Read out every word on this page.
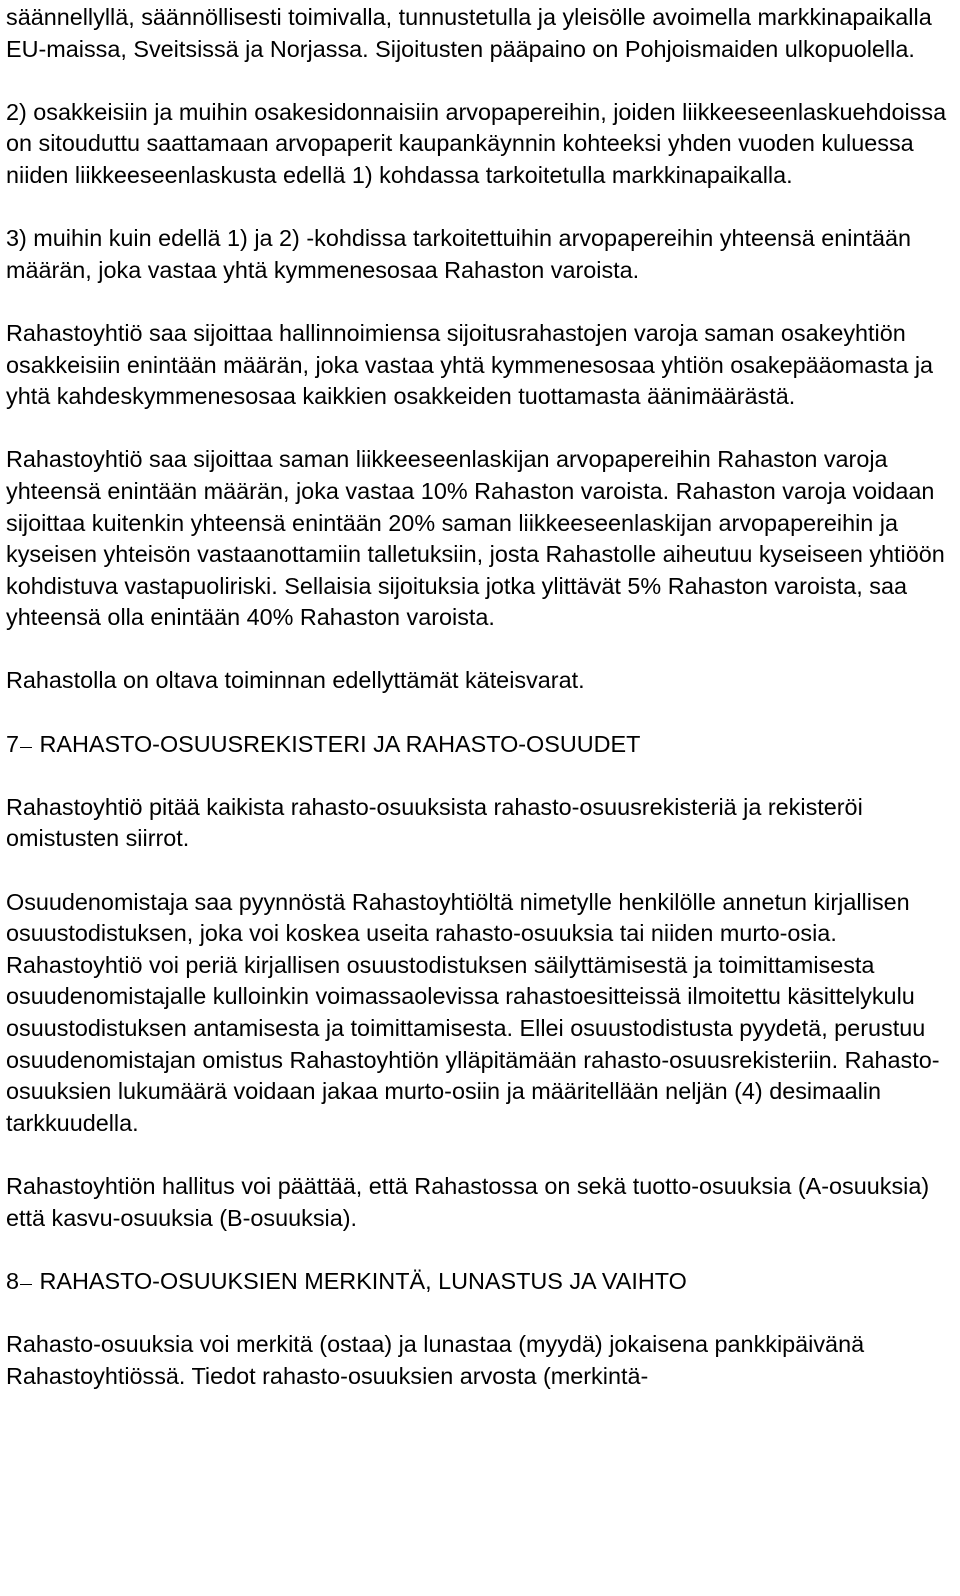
säännellyllä, säännöllisesti toimivalla, tunnustetulla ja yleisölle avoimella markkinapaikalla EU-maissa, Sveitsissä ja Norjassa. Sijoitusten pääpaino on Pohjoismaiden ulkopuolella.

2) osakkeisiin ja muihin osakesidonnaisiin arvopapereihin, joiden liikkeeseenlaskuehdoissa on sitouduttu saattamaan arvopaperit kaupankäynnin kohteeksi yhden vuoden kuluessa niiden liikkeeseenlaskusta edellä 1) kohdassa tarkoitetulla markkinapaikalla.

3) muihin kuin edellä 1) ja 2) -kohdissa tarkoitettuihin arvopapereihin yhteensä enintään määrän, joka vastaa yhtä kymmenesosaa Rahaston varoista.

Rahastoyhtiö saa sijoittaa hallinnoimiensa sijoitusrahastojen varoja saman osakeyhtiön osakkeisiin enintään määrän, joka vastaa yhtä kymmenesosaa yhtiön osakepääomasta ja yhtä kahdeskymmenesosaa kaikkien osakkeiden tuottamasta äänimäärästä.

Rahastoyhtiö saa sijoittaa saman liikkeeseenlaskijan arvopapereihin Rahaston varoja yhteensä enintään määrän, joka vastaa 10% Rahaston varoista. Rahaston varoja voidaan sijoittaa kuitenkin yhteensä enintään 20% saman liikkeeseenlaskijan arvopapereihin ja kyseisen yhteisön vastaanottamiin talletuksiin, josta Rahastolle aiheutuu kyseiseen yhtiöön kohdistuva vastapuoliriski. Sellaisia sijoituksia jotka ylittävät 5% Rahaston varoista, saa yhteensä olla enintään 40% Rahaston varoista.

Rahastolla on oltava toiminnan edellyttämät käteisvarat.

7 RAHASTO-OSUUSREKISTERI JA RAHASTO-OSUUDET

Rahastoyhtiö pitää kaikista rahasto-osuuksista rahasto-osuusrekisteriä ja rekisteröi omistusten siirrot.

Osuudenomistaja saa pyynnöstä Rahastoyhtiöltä nimetylle henkilölle annetun kirjallisen osuustodistuksen, joka voi koskea useita rahasto-osuuksia tai niiden murto-osia. Rahastoyhtiö voi periä kirjallisen osuustodistuksen säilyttämisestä ja toimittamisesta osuudenomistajalle kulloinkin voimassaolevissa rahastoesitteissä ilmoitettu käsittelykulu osuustodistuksen antamisesta ja toimittamisesta. Ellei osuustodistusta pyydetä, perustuu osuudenomistajan omistus Rahastoyhtiön ylläpitämään rahasto-osuusrekisteriin. Rahasto-osuuksien lukumäärä voidaan jakaa murto-osiin ja määritellään neljän (4) desimaalin tarkkuudella.

Rahastoyhtiön hallitus voi päättää, että Rahastossa on sekä tuotto-osuuksia (A-osuuksia) että kasvu-osuuksia (B-osuuksia).

8 RAHASTO-OSUUKSIEN MERKINTÄ, LUNASTUS JA VAIHTO

Rahasto-osuuksia voi merkitä (ostaa) ja lunastaa (myydä) jokaisena pankkipäivänä Rahastoyhtiössä. Tiedot rahasto-osuuksien arvosta (merkintä-
